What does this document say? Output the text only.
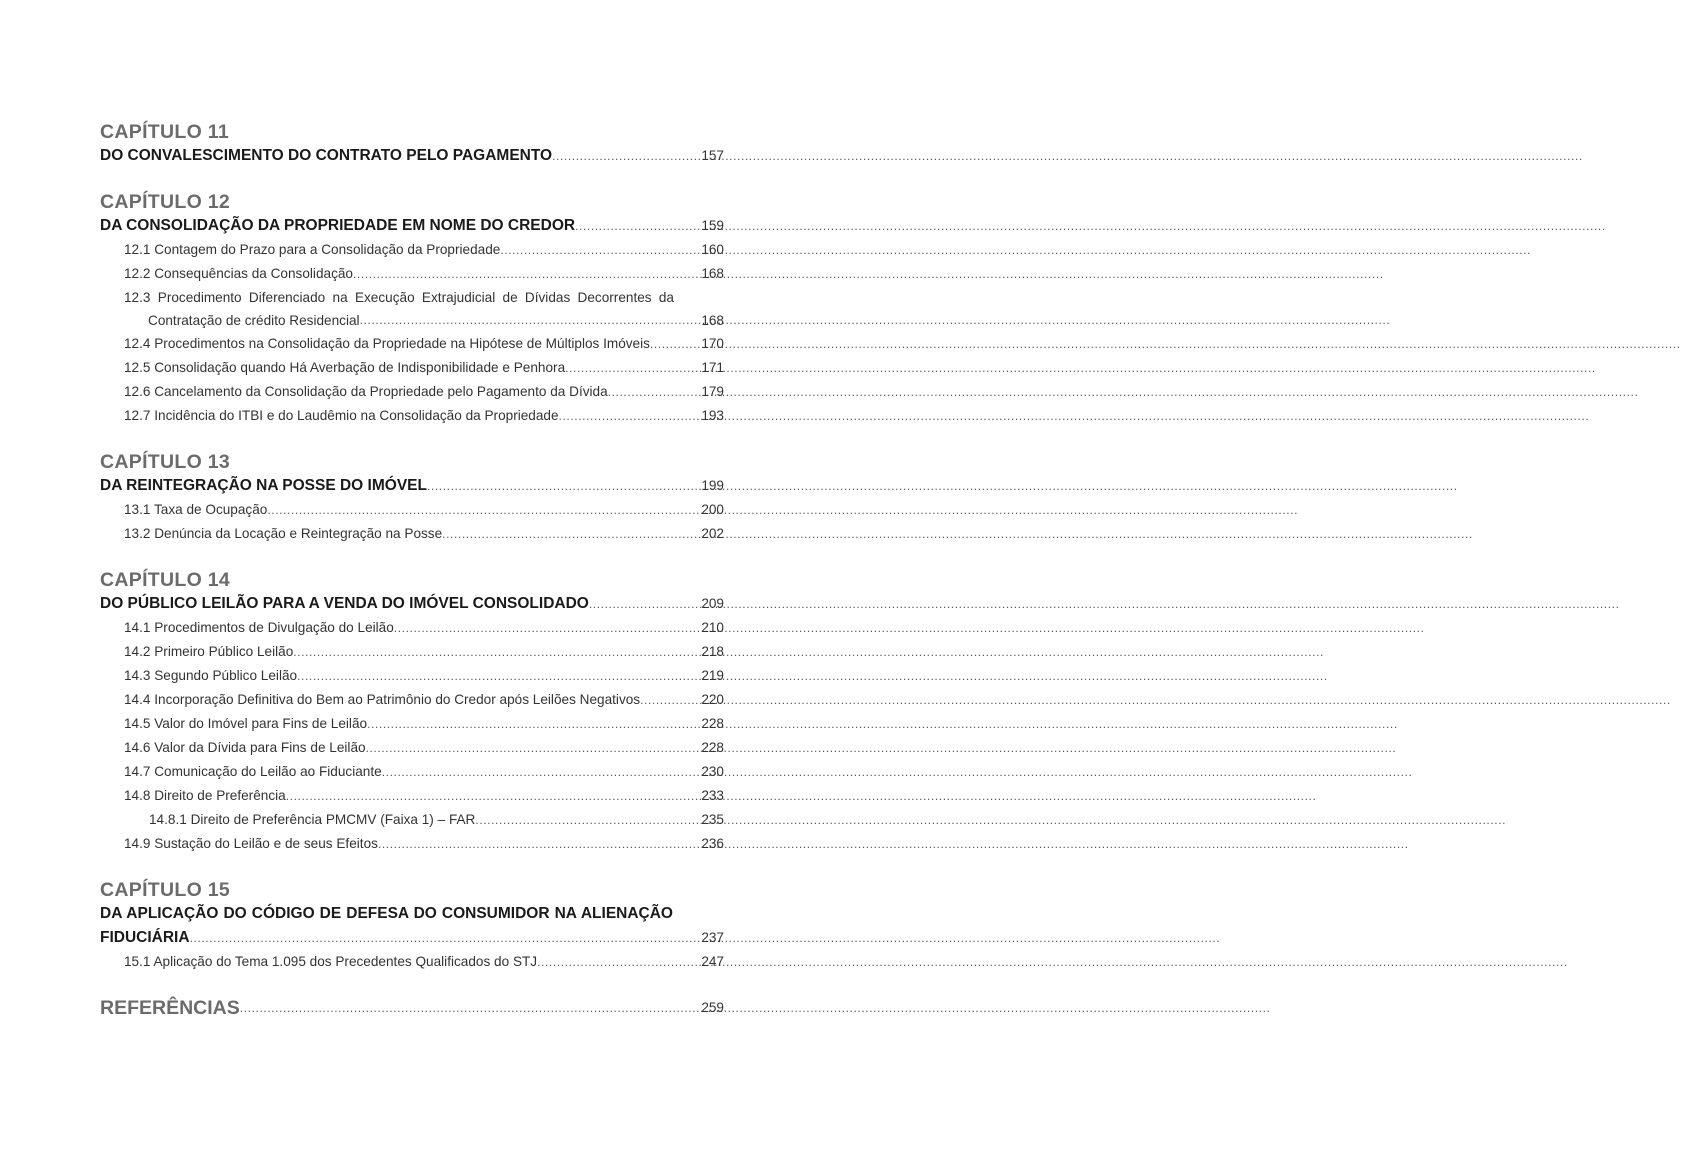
CAPÍTULO 11
DO CONVALESCIMENTO DO CONTRATO PELO PAGAMENTO .....	157
CAPÍTULO 12
DA CONSOLIDAÇÃO DA PROPRIEDADE EM NOME DO CREDOR .....	159
12.1 Contagem do Prazo para a Consolidação da Propriedade .....	160
12.2 Consequências da Consolidação .....	168
12.3 Procedimento Diferenciado na Execução Extrajudicial de Dívidas Decorrentes da
Contratação de crédito Residencial .....	168
12.4 Procedimentos na Consolidação da Propriedade na Hipótese de Múltiplos Imóveis .....	170
12.5 Consolidação quando Há Averbação de Indisponibilidade e Penhora .....	171
12.6 Cancelamento da Consolidação da Propriedade pelo Pagamento da Dívida .....	179
12.7 Incidência do ITBI e do Laudêmio na Consolidação da Propriedade .....	193
CAPÍTULO 13
DA REINTEGRAÇÃO NA POSSE DO IMÓVEL .....	199
13.1 Taxa de Ocupação .....	200
13.2 Denúncia da Locação e Reintegração na Posse .....	202
CAPÍTULO 14
DO PÚBLICO LEILÃO PARA A VENDA DO IMÓVEL CONSOLIDADO .....	209
14.1 Procedimentos de Divulgação do Leilão .....	210
14.2 Primeiro Público Leilão .....	218
14.3 Segundo Público Leilão .....	219
14.4 Incorporação Definitiva do Bem ao Patrimônio do Credor após Leilões Negativos .....	220
14.5 Valor do Imóvel para Fins de Leilão .....	228
14.6 Valor da Dívida para Fins de Leilão .....	228
14.7 Comunicação do Leilão ao Fiduciante .....	230
14.8 Direito de Preferência .....	233
14.8.1 Direito de Preferência PMCMV (Faixa 1) – FAR .....	235
14.9 Sustação do Leilão e de seus Efeitos .....	236
CAPÍTULO 15
DA APLICAÇÃO DO CÓDIGO DE DEFESA DO CONSUMIDOR NA ALIENAÇÃO
FIDUCIÁRIA .....	237
15.1 Aplicação do Tema 1.095 dos Precedentes Qualificados do STJ .....	247
REFERÊNCIAS .....	259
